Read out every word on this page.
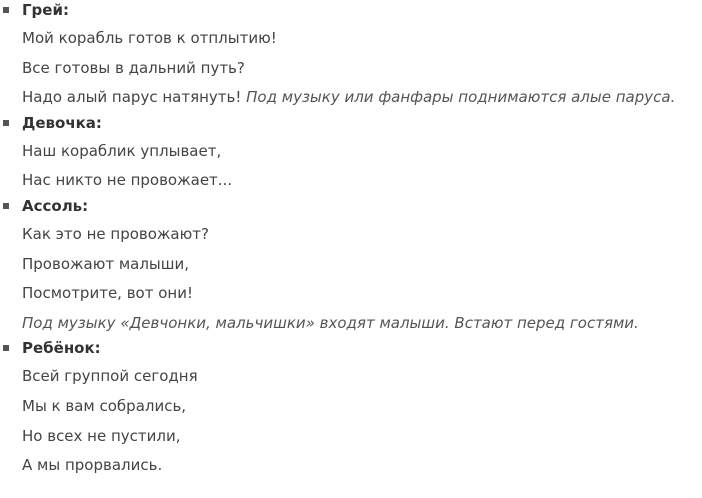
Грей:
Мой корабль готов к отплытию!
Все готовы в дальний путь?
Надо алый парус натянуть! Под музыку или фанфары поднимаются алые паруса.
Девочка:
Наш кораблик уплывает,
Нас никто не провожает...
Ассоль:
Как это не провожают?
Провожают малыши,
Посмотрите, вот они!
Под музыку «Девчонки, мальчишки» входят малыши. Встают перед гостями.
Ребёнок:
Всей группой сегодня
Мы к вам собрались,
Но всех не пустили,
А мы прорвались.
